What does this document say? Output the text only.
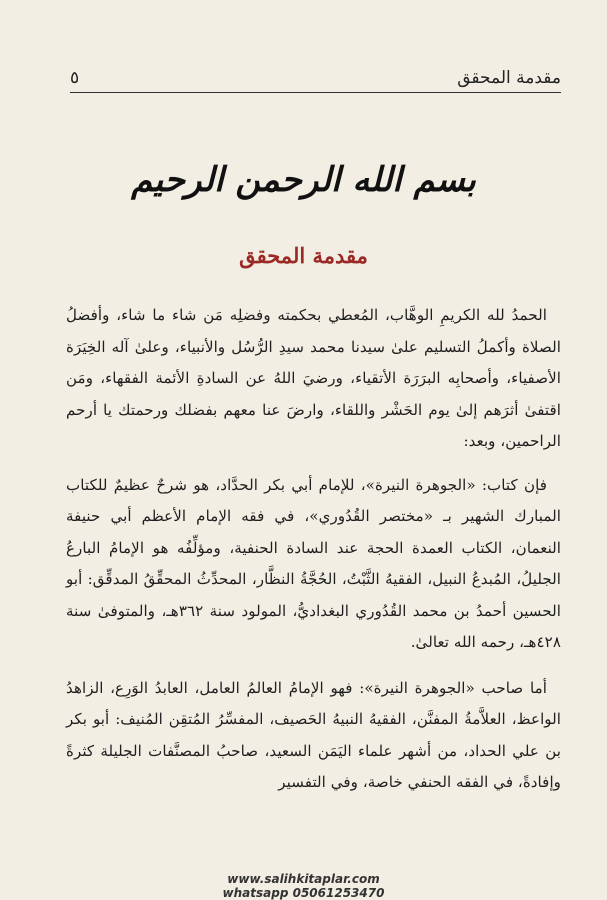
مقدمة المحقق
٥
بسم الله الرحمن الرحيم
مقدمة المحقق

الحمدُ لله الكريمِ الوهَّاب، المُعطي بحكمته وفضلِه مَن شاء ما شاء، وأفضلُ الصلاة وأكملُ التسليم علىٰ سيدنا محمد سيدِ الرُّسُل والأنبياء، وعلىٰ آله الخِيَرَة الأصفياء، وأصحابِه البرَرَة الأتقياء، ورضيَ اللهُ عن السادةِ الأئمة الفقهاء، ومَن اقتفىٰ أثرَهم إلىٰ يوم الحَشْر واللقاء، وارضَ عنا معهم بفضلك ورحمتك يا أرحم الراحمين، وبعد:

فإن كتاب: «الجوهرة النيرة»، للإمام أبي بكر الحدَّاد، هو شرحٌ عظيمٌ للكتاب المبارك الشهير بـ «مختصر القُدُوري»، في فقه الإمام الأعظم أبي حنيفة النعمان، الكتاب العمدة الحجة عند السادة الحنفية، ومؤلِّفُه هو الإمامُ البارعُ الجليلُ، المُبدعُ النبيل، الفقيهُ الثَّبْتُ، الحُجَّةُ النظَّار، المحدِّثُ المحقِّقُ المدقِّق: أبو الحسين أحمدُ بن محمد القُدُوري البغداديُّ، المولود سنة ٣٦٢هـ، والمتوفىٰ سنة ٤٢٨هـ، رحمه الله تعالىٰ.

أما صاحب «الجوهرة النيرة»: فهو الإمامُ العالمُ العامل، العابدُ الوَرِع، الزاهدُ الواعظ، العلاَّمةُ المفنَّن، الفقيهُ النبيهُ الحَصيف، المفسِّرُ المُتقِن المُنيف: أبو بكر بن علي الحداد، من أشهر علماء اليَمَن السعيد، صاحبُ المصنَّفات الجليلة كثرةً وإفادةً، في الفقه الحنفي خاصة، وفي التفسير

www.salihkitaplar.com
whatsapp 05061253470
